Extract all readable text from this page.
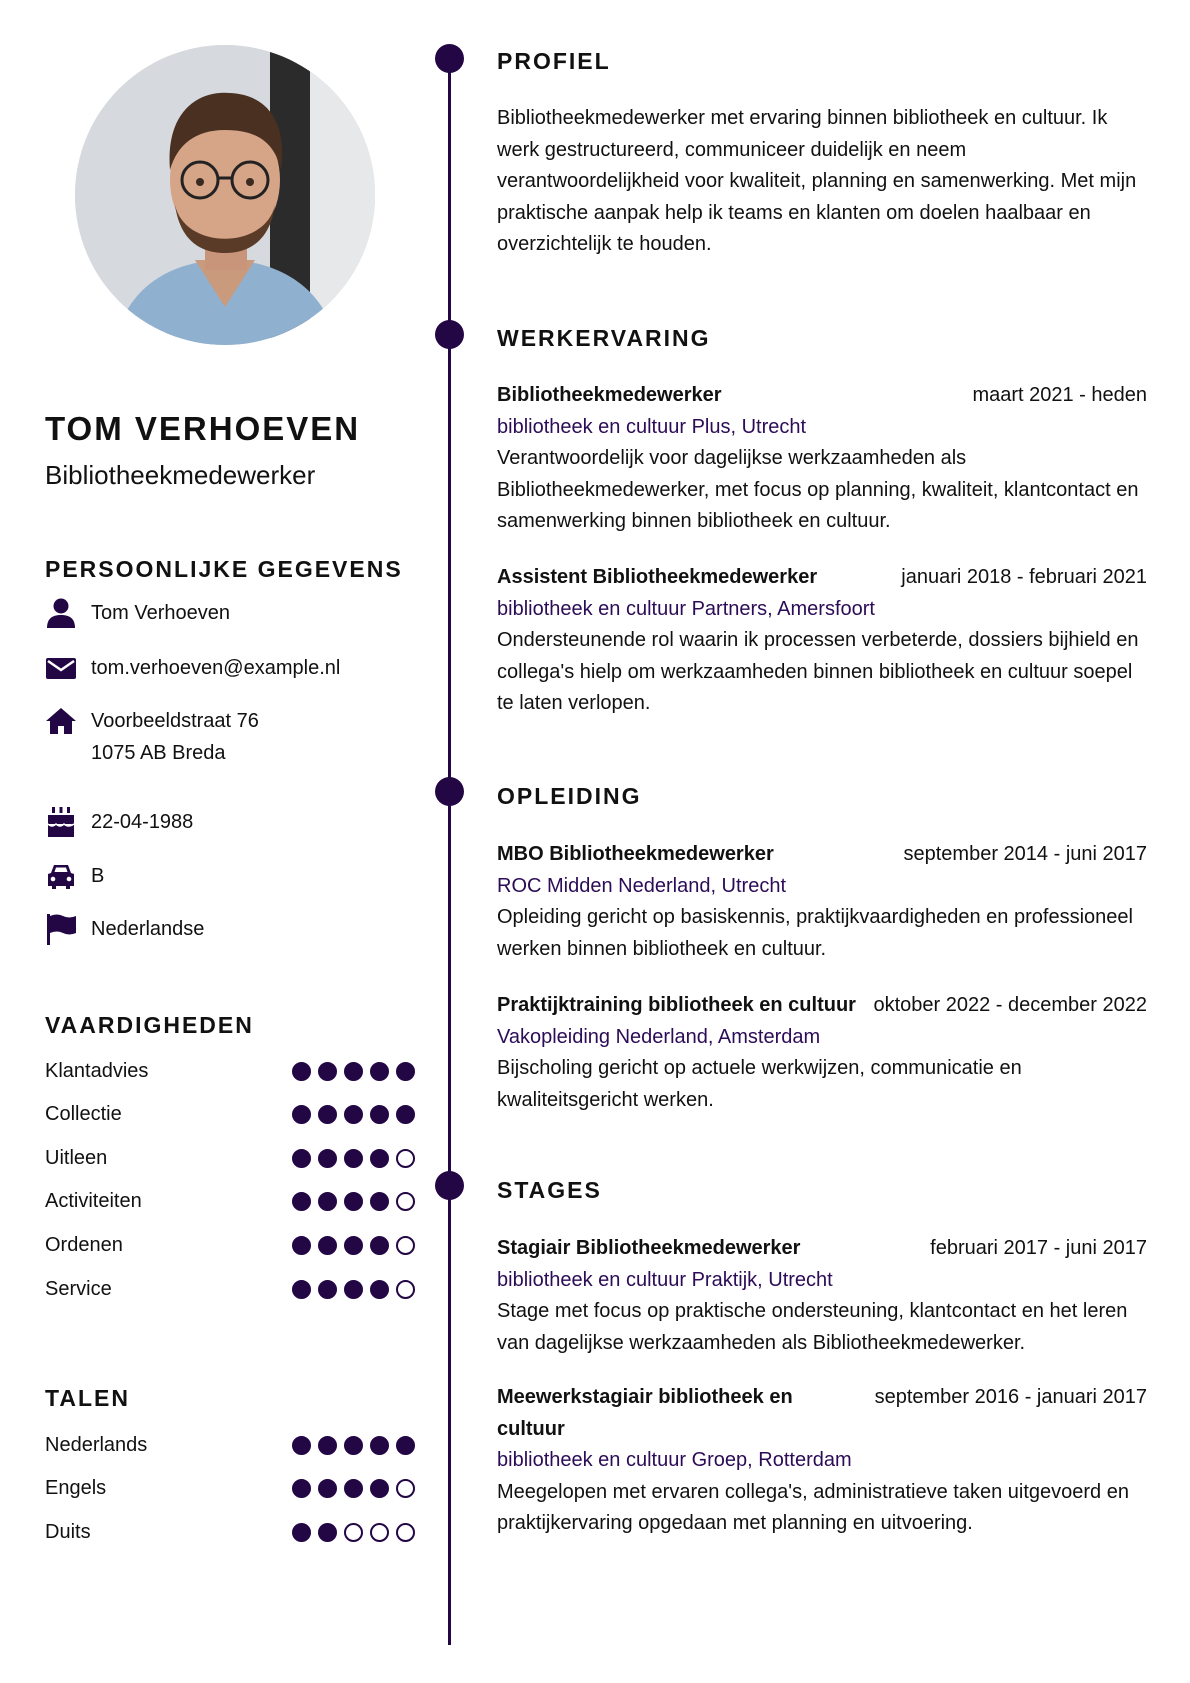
TOM VERHOEVEN
Bibliotheekmedewerker
PERSOONLIJKE GEGEVENS
Tom Verhoeven
tom.verhoeven@example.nl
Voorbeeldstraat 76
1075 AB Breda
22-04-1988
B
Nederlandse
VAARDIGHEDEN
Klantadvies
Collectie
Uitleen
Activiteiten
Ordenen
Service
TALEN
Nederlands
Engels
Duits
PROFIEL
Bibliotheekmedewerker met ervaring binnen bibliotheek en cultuur. Ik werk gestructureerd, communiceer duidelijk en neem verantwoordelijkheid voor kwaliteit, planning en samenwerking. Met mijn praktische aanpak help ik teams en klanten om doelen haalbaar en overzichtelijk te houden.
WERKERVARING
Bibliotheekmedewerker	maart 2021 - heden
bibliotheek en cultuur Plus, Utrecht
Verantwoordelijk voor dagelijkse werkzaamheden als Bibliotheekmedewerker, met focus op planning, kwaliteit, klantcontact en samenwerking binnen bibliotheek en cultuur.
Assistent Bibliotheekmedewerker	januari 2018 - februari 2021
bibliotheek en cultuur Partners, Amersfoort
Ondersteunende rol waarin ik processen verbeterde, dossiers bijhield en collega's hielp om werkzaamheden binnen bibliotheek en cultuur soepel te laten verlopen.
OPLEIDING
MBO Bibliotheekmedewerker	september 2014 - juni 2017
ROC Midden Nederland, Utrecht
Opleiding gericht op basiskennis, praktijkvaardigheden en professioneel werken binnen bibliotheek en cultuur.
Praktijktraining bibliotheek en cultuur oktober 2022 - december 2022
Vakopleiding Nederland, Amsterdam
Bijscholing gericht op actuele werkwijzen, communicatie en kwaliteitsgericht werken.
STAGES
Stagiair Bibliotheekmedewerker	februari 2017 - juni 2017
bibliotheek en cultuur Praktijk, Utrecht
Stage met focus op praktische ondersteuning, klantcontact en het leren van dagelijkse werkzaamheden als Bibliotheekmedewerker.
Meewerkstagiair bibliotheek en cultuur
september 2016 - januari 2017
bibliotheek en cultuur Groep, Rotterdam
Meegelopen met ervaren collega's, administratieve taken uitgevoerd en praktijkervaring opgedaan met planning en uitvoering.
